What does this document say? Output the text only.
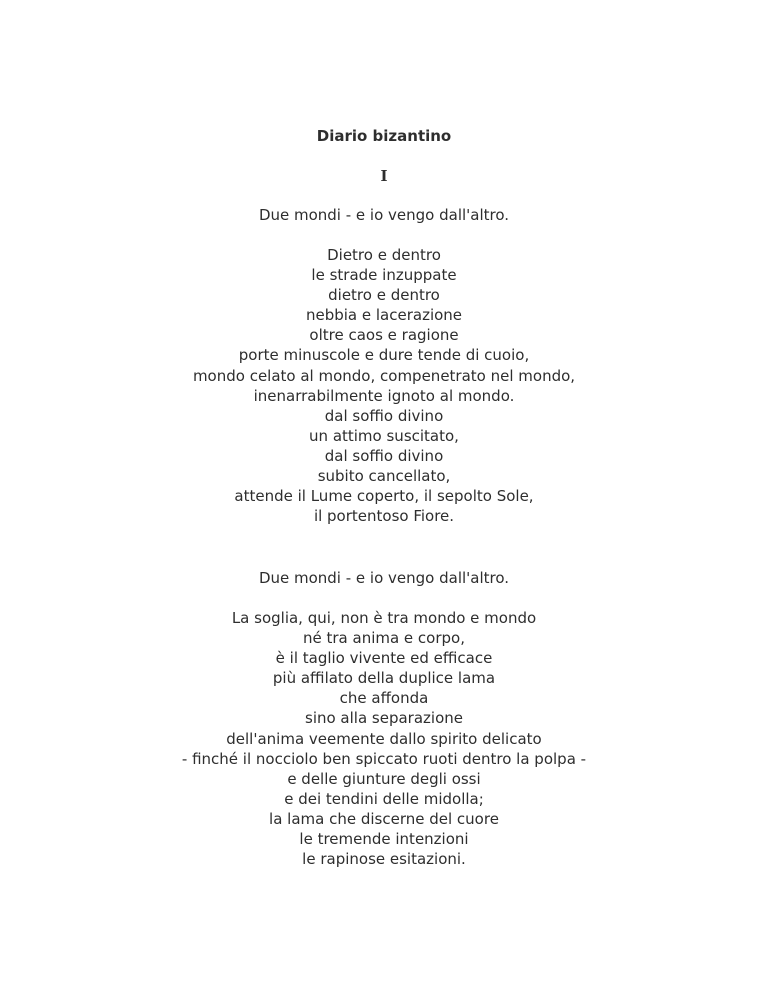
Diario bizantino
I
Due mondi - e io vengo dall'altro.
Dietro e dentro
le strade inzuppate
dietro e dentro
nebbia e lacerazione
oltre caos e ragione
porte minuscole e dure tende di cuoio,
mondo celato al mondo, compenetrato nel mondo,
inenarrabilmente ignoto al mondo.
dal soffio divino
un attimo suscitato,
dal soffio divino
subito cancellato,
attende il Lume coperto, il sepolto Sole,
il portentoso Fiore.
Due mondi - e io vengo dall'altro.
La soglia, qui, non è tra mondo e mondo
né tra anima e corpo,
è il taglio vivente ed efficace
più affilato della duplice lama
che affonda
sino alla separazione
dell'anima veemente dallo spirito delicato
- finché il nocciolo ben spiccato ruoti dentro la polpa -
e delle giunture degli ossi
e dei tendini delle midolla;
la lama che discerne del cuore
le tremende intenzioni
le rapinose esitazioni.
